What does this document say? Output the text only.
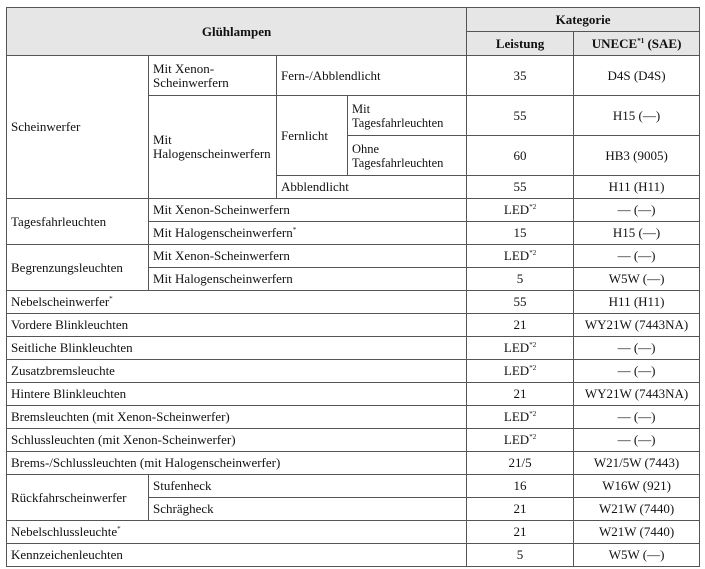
Glühlampen				Kategorie	
				Leistung	UNECE$^{*1}$ (SAE)
Scheinwerfer	Mit Xenon-Scheinwerfern	Fern-/Abblendlicht		35	D4S (D4S)
	Mit Halogenscheinwerfern	Fernlicht	Mit Tagesfahrleuchten	55	H15 (—)
			Ohne Tagesfahrleuchten	60	HB3 (9005)
		Abblendlicht		55	H11 (H11)
Tagesfahrleuchten	Mit Xenon-Scheinwerfern			LED$^{*2}$	— (—)
	Mit Halogenscheinwerfern*			15	H15 (—)
Begrenzungsleuchten	Mit Xenon-Scheinwerfern			LED$^{*2}$	— (—)
	Mit Halogenscheinwerfern			5	W5W (—)
Nebelscheinwerfer*				55	H11 (H11)
Vordere Blinkleuchten				21	WY21W (7443NA)
Seitliche Blinkleuchten				LED$^{*2}$	— (—)
Zusatzbremsleuchte				LED$^{*2}$	— (—)
Hintere Blinkleuchten				21	WY21W (7443NA)
Bremsleuchten (mit Xenon-Scheinwerfer)				LED$^{*2}$	— (—)
Schlussleuchten (mit Xenon-Scheinwerfer)				LED$^{*2}$	— (—)
Brems-/Schlussleuchten (mit Halogenscheinwerfer)				21/5	W21/5W (7443)
Rückfahrscheinwerfer	Stufenheck			16	W16W (921)
	Schrägheck			21	W21W (7440)
Nebelschlussleuchte*				21	W21W (7440)
Kennzeichenleuchten				5	W5W (—)
